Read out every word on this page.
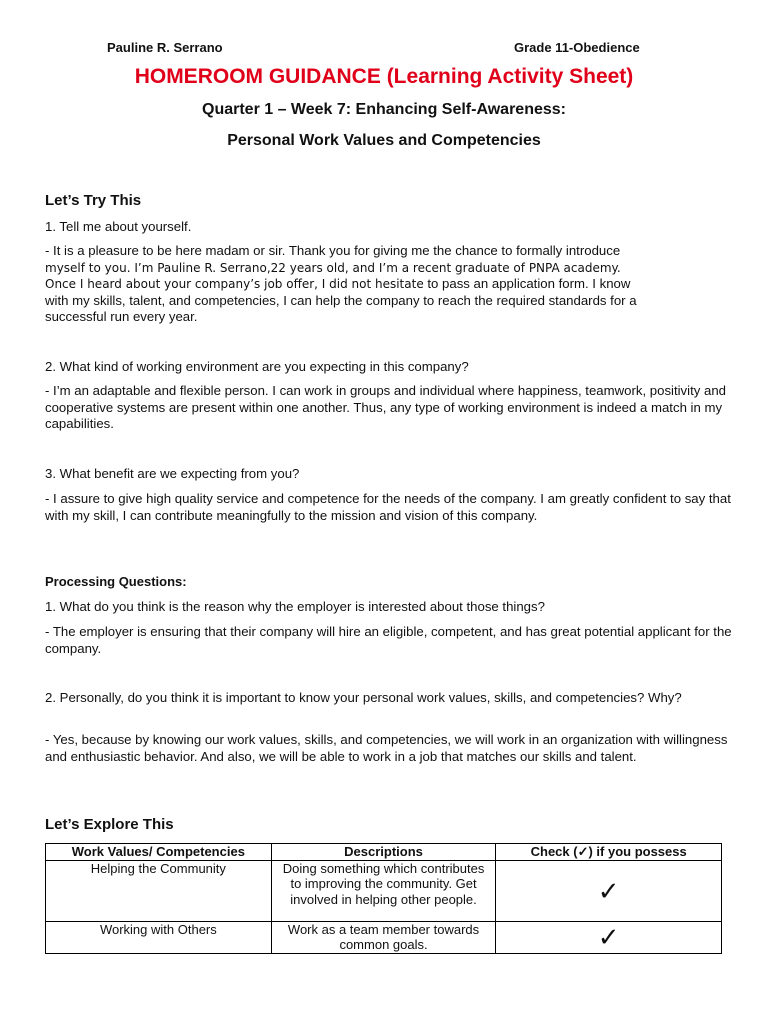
Pauline R. Serrano	Grade 11-Obedience
HOMEROOM GUIDANCE (Learning Activity Sheet)
Quarter 1 – Week 7: Enhancing Self-Awareness:
Personal Work Values and Competencies
Let’s Try This
1. Tell me about yourself.
- It is a pleasure to be here madam or sir. Thank you for giving me the chance to formally introduce
myself to you. I’m Pauline R. Serrano,22 years old, and I’m a recent graduate of PNPA academy.
Once I heard about your company’s job offer, I did not hesitate to pass an application form. I know
with my skills, talent, and competencies, I can help the company to reach the required standards for a
successful run every year.
2. What kind of working environment are you expecting in this company?
- I’m an adaptable and flexible person. I can work in groups and individual where happiness, teamwork, positivity and cooperative systems are present within one another. Thus, any type of working environment is indeed a match in my capabilities.
3. What benefit are we expecting from you?
- I assure to give high quality service and competence for the needs of the company. I am greatly confident to say that with my skill, I can contribute meaningfully to the mission and vision of this company.
Processing Questions:
1. What do you think is the reason why the employer is interested about those things?
- The employer is ensuring that their company will hire an eligible, competent, and has great potential applicant for the company.
2. Personally, do you think it is important to know your personal work values, skills, and competencies? Why?
- Yes, because by knowing our work values, skills, and competencies, we will work in an organization with willingness and enthusiastic behavior. And also, we will be able to work in a job that matches our skills and talent.
Let’s Explore This
Work Values/ Competencies	Descriptions	Check (✓) if you possess
Helping the Community	Doing something which contributes to improving the community. Get involved in helping other people.	✓
Working with Others	Work as a team member towards common goals.	✓
